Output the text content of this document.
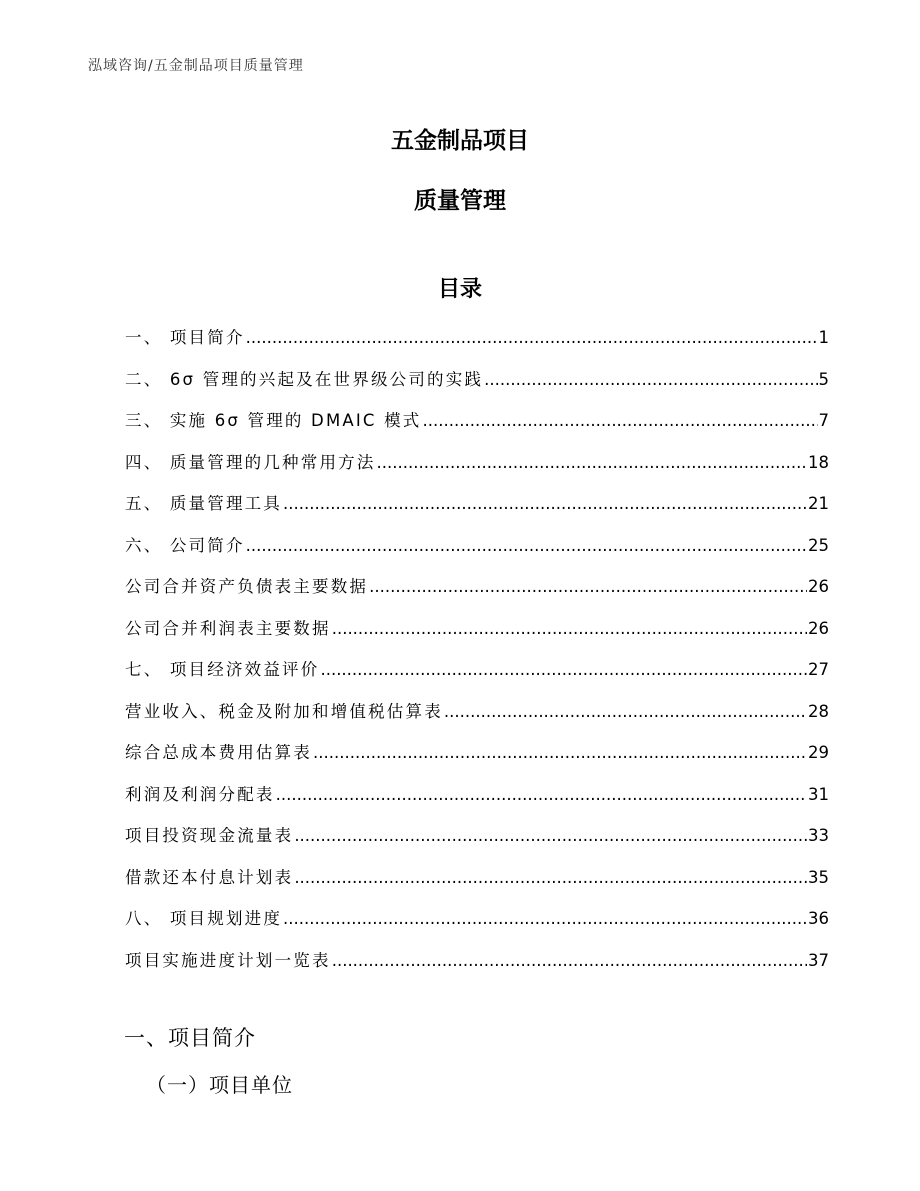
泓域咨询/五金制品项目质量管理
五金制品项目
质量管理
目录
一、 项目简介 .....	1
二、 6σ 管理的兴起及在世界级公司的实践 .....	5
三、 实施 6σ 管理的 DMAIC 模式 .....	7
四、 质量管理的几种常用方法 .....	18
五、 质量管理工具 .....	21
六、 公司简介 .....	25
公司合并资产负债表主要数据 .....	26
公司合并利润表主要数据 .....	26
七、 项目经济效益评价 .....	27
营业收入、税金及附加和增值税估算表 .....	28
综合总成本费用估算表 .....	29
利润及利润分配表 .....	31
项目投资现金流量表 .....	33
借款还本付息计划表 .....	35
八、 项目规划进度 .....	36
项目实施进度计划一览表 .....	37
一、项目简介
（一）项目单位
